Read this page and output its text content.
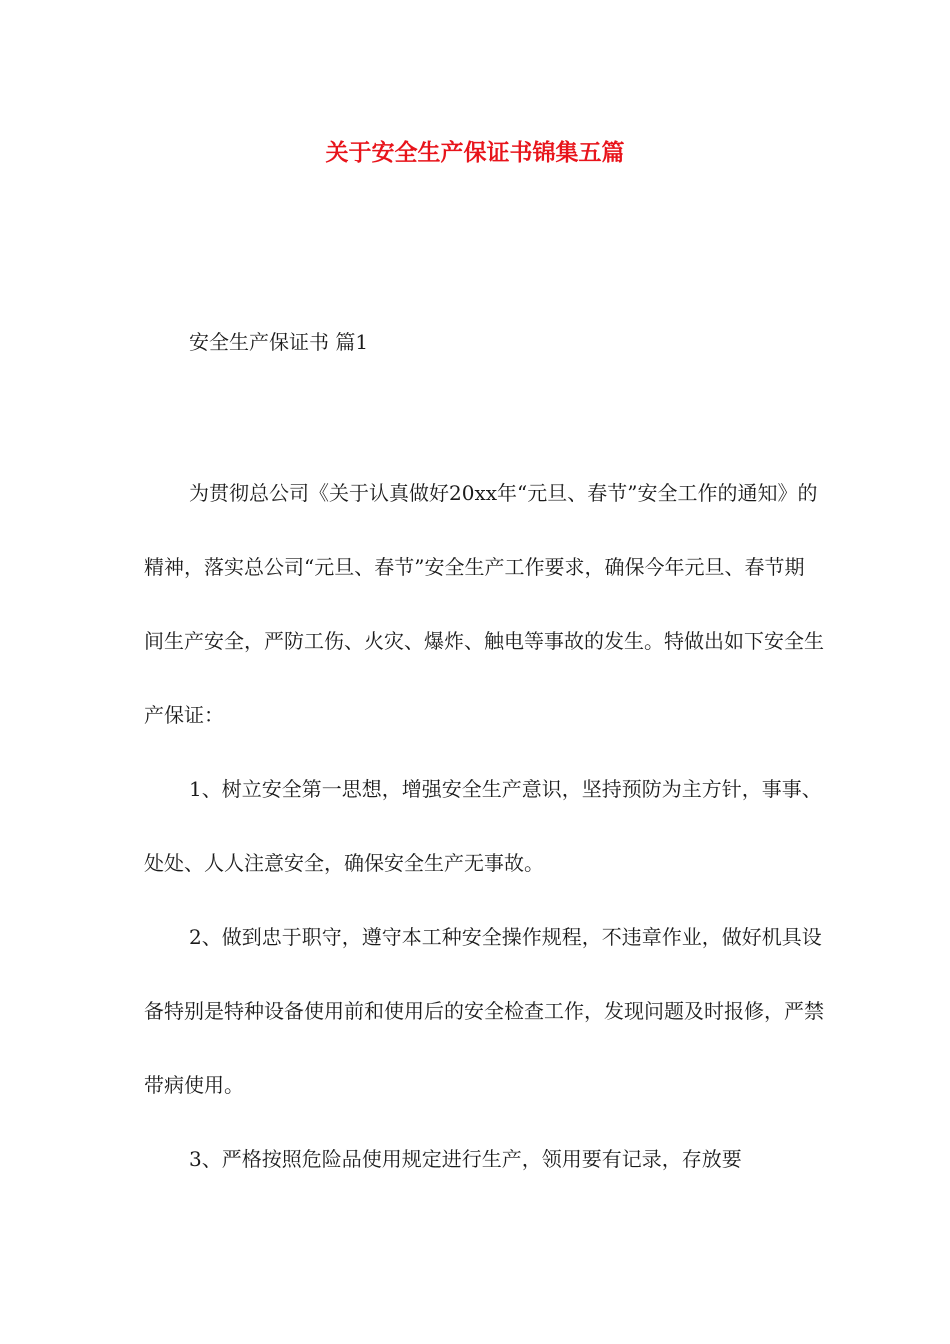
关于安全生产保证书锦集五篇
安全生产保证书 篇1

为贯彻总公司《关于认真做好20xx年“元旦、春节”安全工作的通知》的精神，落实总公司“元旦、春节”安全生产工作要求，确保今年元旦、春节期间生产安全，严防工伤、火灾、爆炸、触电等事故的发生。特做出如下安全生产保证：

1、树立安全第一思想，增强安全生产意识，坚持预防为主方针，事事、处处、人人注意安全，确保安全生产无事故。

2、做到忠于职守，遵守本工种安全操作规程，不违章作业，做好机具设备特别是特种设备使用前和使用后的安全检查工作，发现问题及时报修，严禁带病使用。

3、严格按照危险品使用规定进行生产，领用要有记录，存放要
